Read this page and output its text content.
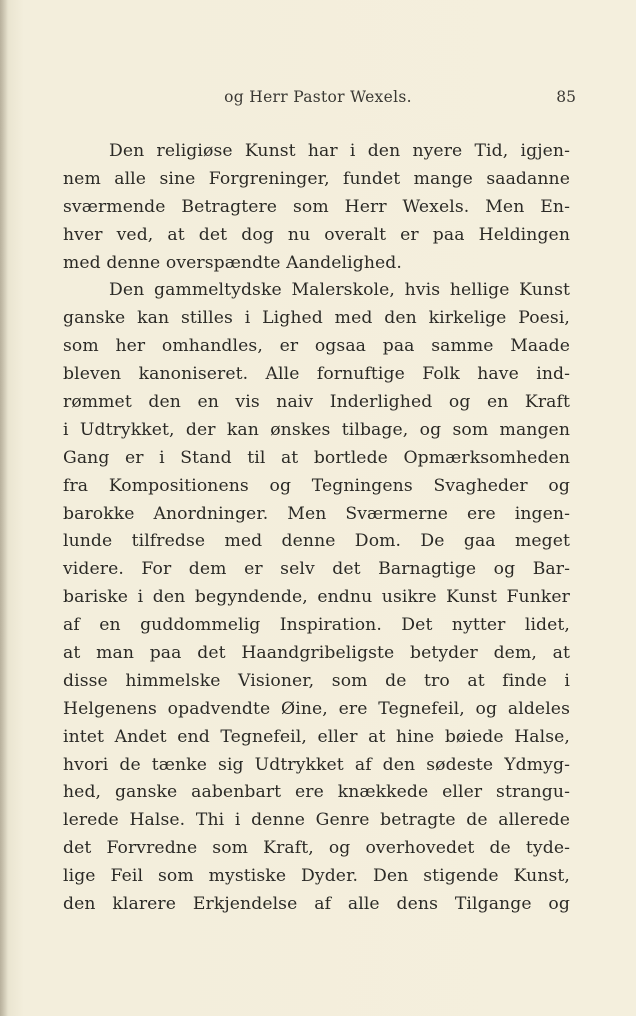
og Herr Pastor Wexels.	85
Den religiøse Kunst har i den nyere Tid, igjen-
nem alle sine Forgreninger, fundet mange saadanne
sværmende Betragtere som Herr Wexels. Men En-
hver ved, at det dog nu overalt er paa Heldingen
med denne overspændte Aandelighed.
Den gammeltydske Malerskole, hvis hellige Kunst
ganske kan stilles i Lighed med den kirkelige Poesi,
som her omhandles, er ogsaa paa samme Maade
bleven kanoniseret. Alle fornuftige Folk have ind-
rømmet den en vis naiv Inderlighed og en Kraft
i Udtrykket, der kan ønskes tilbage, og som mangen
Gang er i Stand til at bortlede Opmærksomheden
fra Kompositionens og Tegningens Svagheder og
barokke Anordninger. Men Sværmerne ere ingen-
lunde tilfredse med denne Dom. De gaa meget
videre. For dem er selv det Barnagtige og Bar-
bariske i den begyndende, endnu usikre Kunst Funker
af en guddommelig Inspiration. Det nytter lidet,
at man paa det Haandgribeligste betyder dem, at
disse himmelske Visioner, som de tro at finde i
Helgenens opadvendte Øine, ere Tegnefeil, og aldeles
intet Andet end Tegnefeil, eller at hine bøiede Halse,
hvori de tænke sig Udtrykket af den sødeste Ydmyg-
hed, ganske aabenbart ere knækkede eller strangu-
lerede Halse. Thi i denne Genre betragte de allerede
det Forvredne som Kraft, og overhovedet de tyde-
lige Feil som mystiske Dyder. Den stigende Kunst,
den klarere Erkjendelse af alle dens Tilgange og
